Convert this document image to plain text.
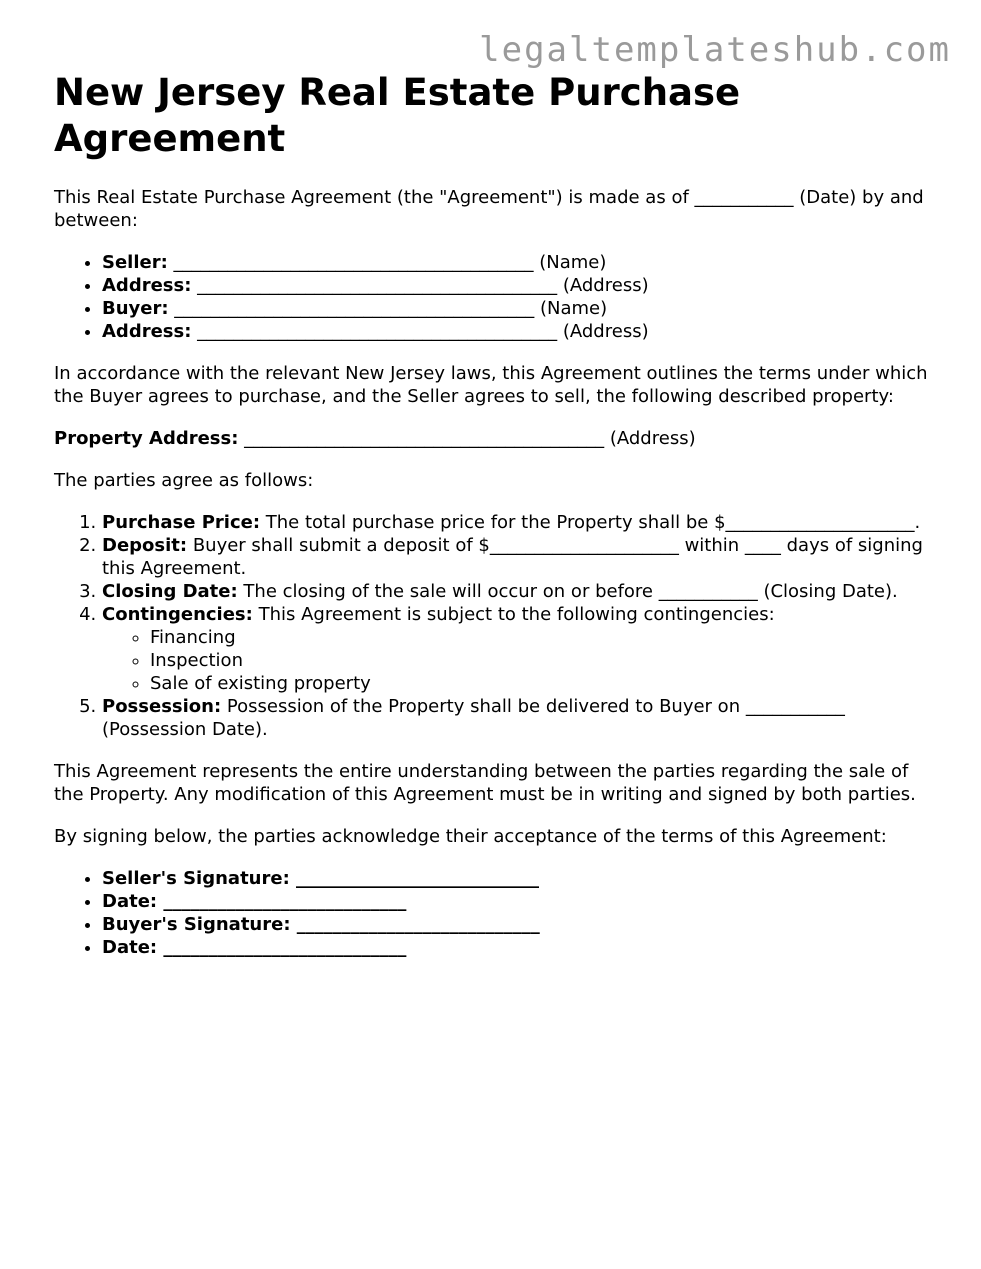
legaltemplateshub.com
New Jersey Real Estate Purchase Agreement

This Real Estate Purchase Agreement (the "Agreement") is made as of ___________ (Date) by and between:

• Seller: ________________________________________ (Name)
• Address: ________________________________________ (Address)
• Buyer: ________________________________________ (Name)
• Address: ________________________________________ (Address)

In accordance with the relevant New Jersey laws, this Agreement outlines the terms under which the Buyer agrees to purchase, and the Seller agrees to sell, the following described property:

Property Address: ________________________________________ (Address)

The parties agree as follows:

1. Purchase Price: The total purchase price for the Property shall be $_____________________.
2. Deposit: Buyer shall submit a deposit of $_____________________ within ____ days of signing this Agreement.
3. Closing Date: The closing of the sale will occur on or before ___________ (Closing Date).
4. Contingencies: This Agreement is subject to the following contingencies:
◦ Financing
◦ Inspection
◦ Sale of existing property
5. Possession: Possession of the Property shall be delivered to Buyer on ___________ (Possession Date).

This Agreement represents the entire understanding between the parties regarding the sale of the Property. Any modification of this Agreement must be in writing and signed by both parties.

By signing below, the parties acknowledge their acceptance of the terms of this Agreement:

• Seller's Signature: ___________________________
• Date: ___________________________
• Buyer's Signature: ___________________________
• Date: ___________________________
